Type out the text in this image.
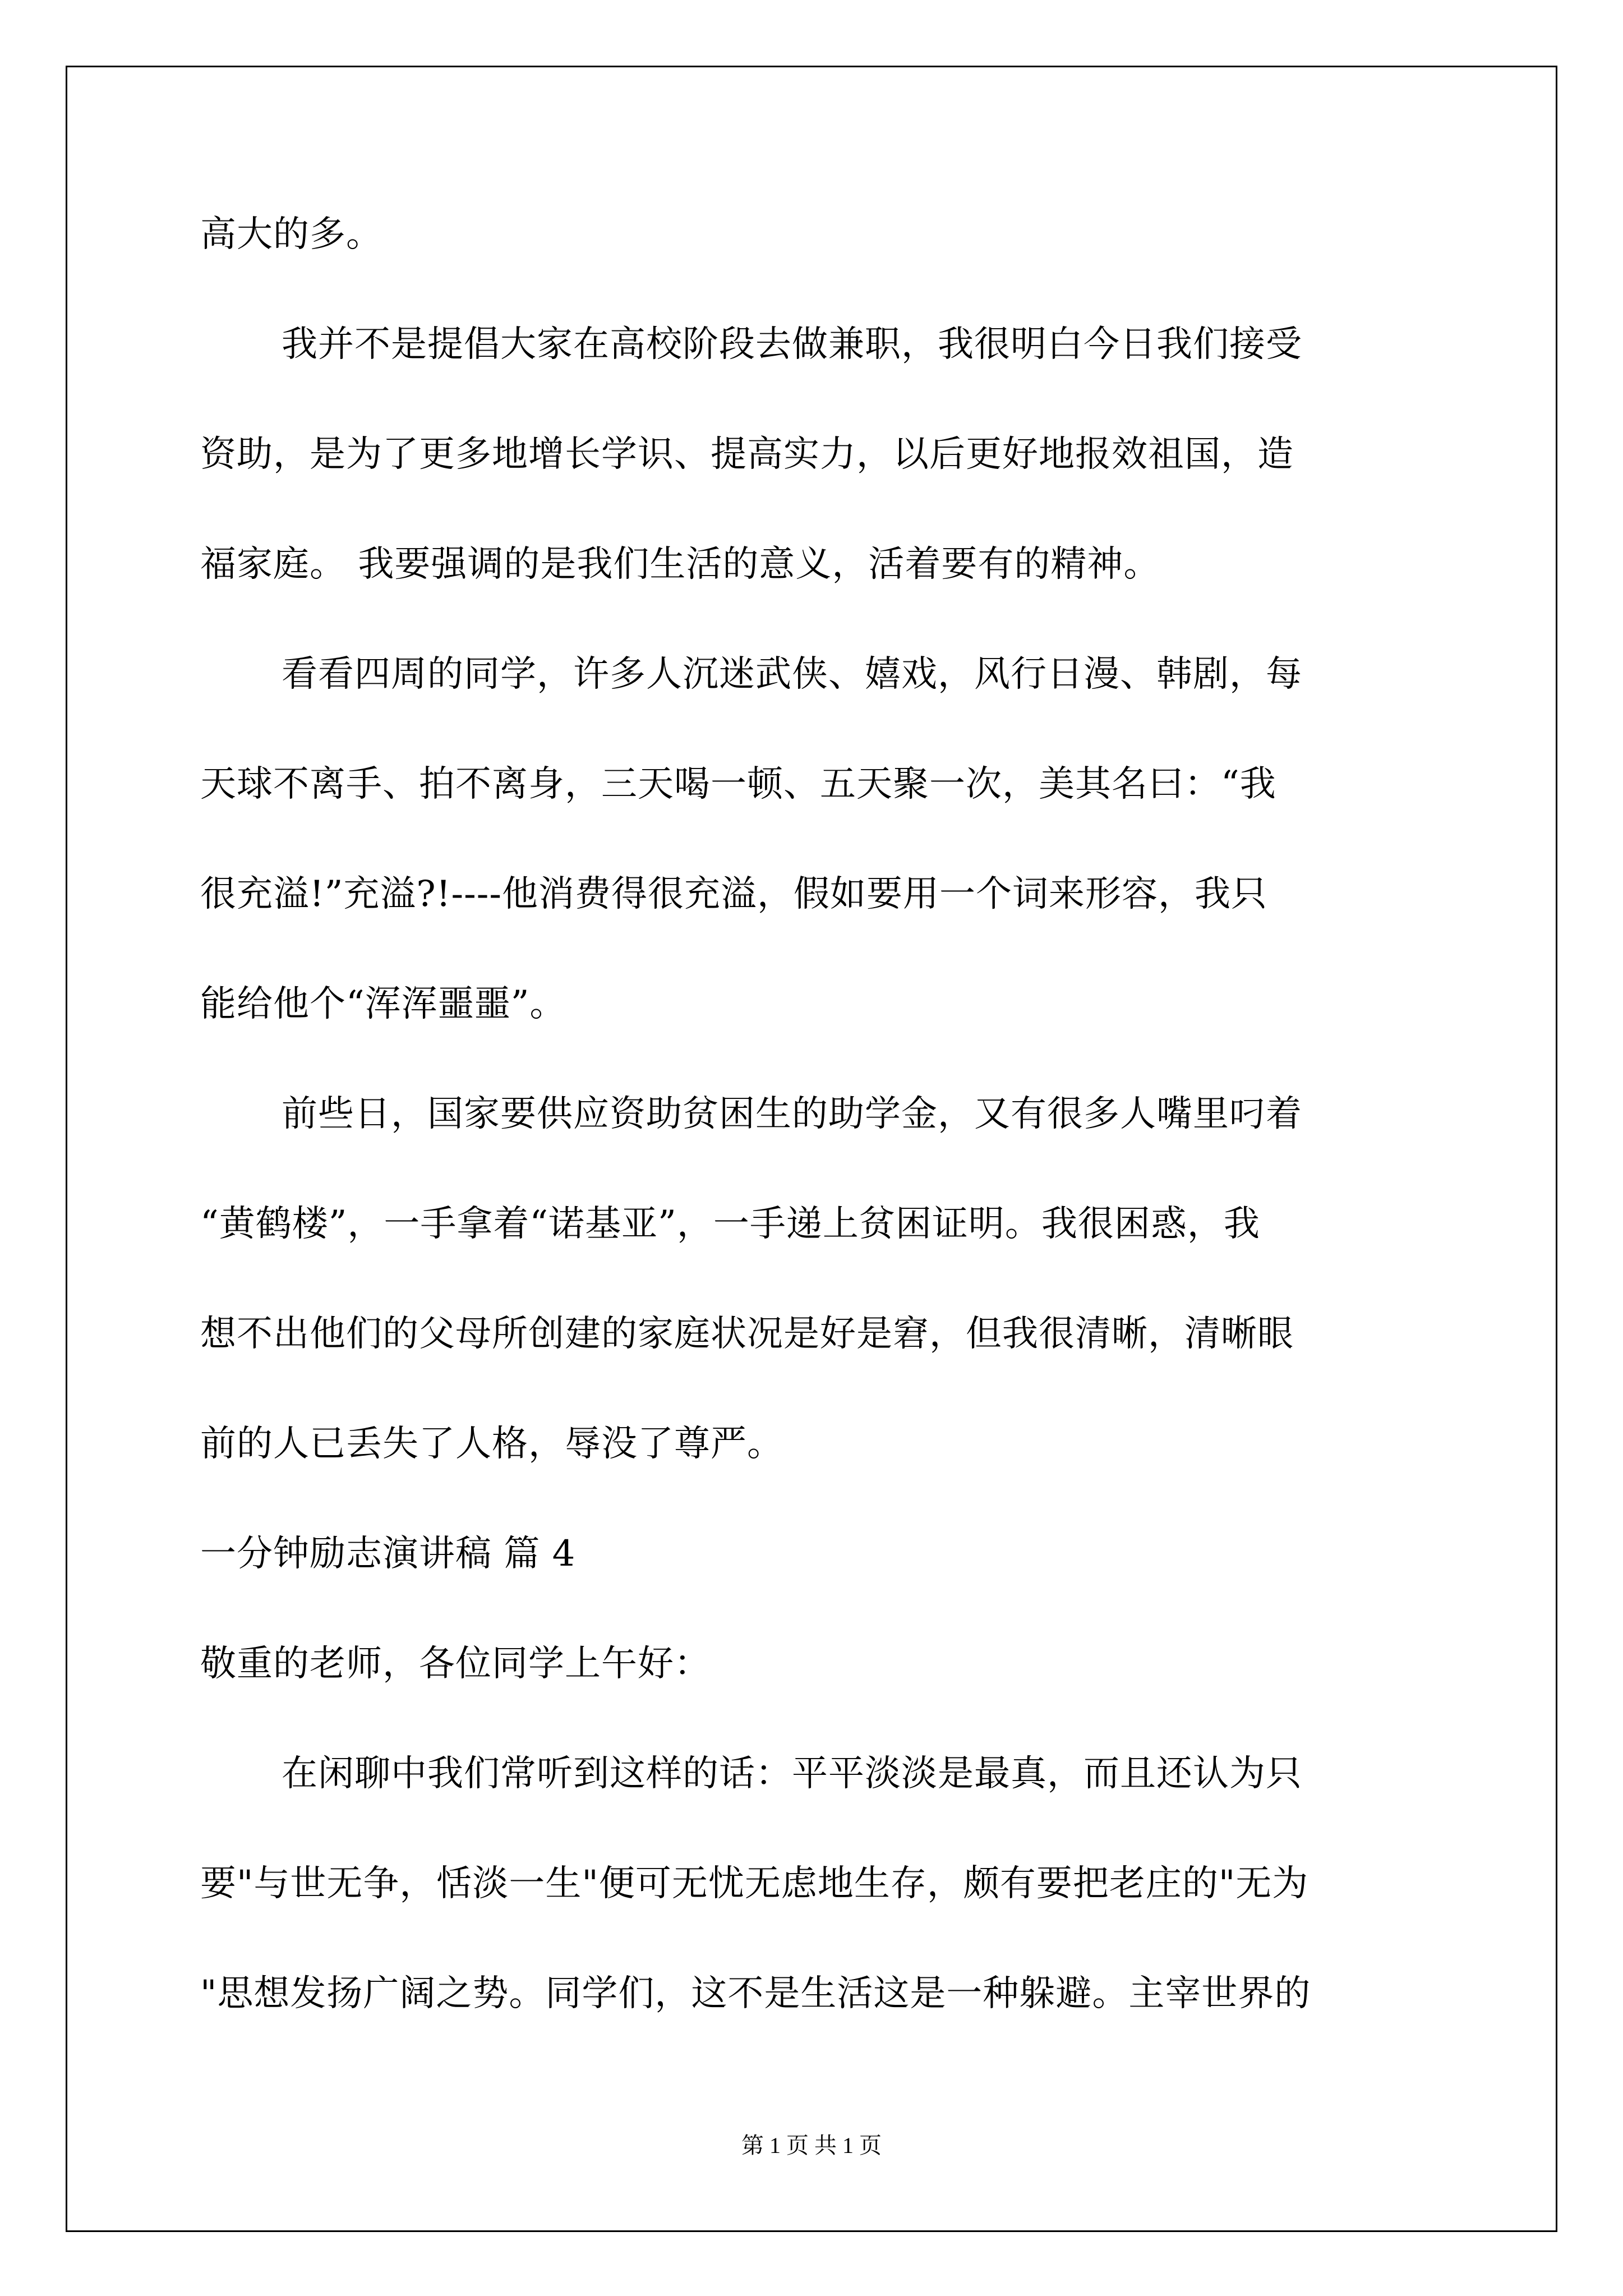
高大的多。
我并不是提倡大家在高校阶段去做兼职，我很明白今日我们接受
资助，是为了更多地增长学识、提高实力，以后更好地报效祖国，造
福家庭。 我要强调的是我们生活的意义，活着要有的精神。
看看四周的同学，许多人沉迷武侠、嬉戏，风行日漫、韩剧，每
天球不离手、拍不离身，三天喝一顿、五天聚一次，美其名曰：“我
很充溢!”充溢?!----他消费得很充溢，假如要用一个词来形容，我只
能给他个“浑浑噩噩”。
前些日，国家要供应资助贫困生的助学金，又有很多人嘴里叼着
“黄鹤楼”，一手拿着“诺基亚”，一手递上贫困证明。我很困惑，我
想不出他们的父母所创建的家庭状况是好是窘，但我很清晰，清晰眼
前的人已丢失了人格，辱没了尊严。
一分钟励志演讲稿 篇 4
敬重的老师，各位同学上午好：
在闲聊中我们常听到这样的话：平平淡淡是最真，而且还认为只
要"与世无争，恬淡一生"便可无忧无虑地生存，颇有要把老庄的"无为
"思想发扬广阔之势。同学们，这不是生活这是一种躲避。主宰世界的
第 1 页 共 1 页
